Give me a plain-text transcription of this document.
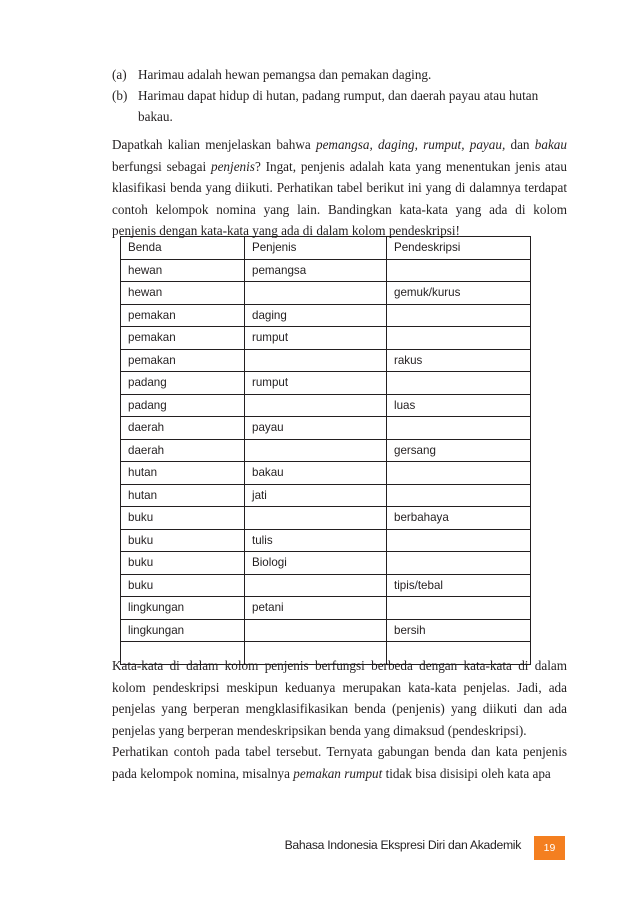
(a) Harimau adalah hewan pemangsa dan pemakan daging.
(b) Harimau dapat hidup di hutan, padang rumput, dan daerah payau atau hutan bakau.

Dapatkah kalian menjelaskan bahwa pemangsa, daging, rumput, payau, dan bakau berfungsi sebagai penjenis? Ingat, penjenis adalah kata yang menentukan jenis atau klasifikasi benda yang diikuti. Perhatikan tabel berikut ini yang di dalamnya terdapat contoh kelompok nomina yang lain. Bandingkan kata-kata yang ada di kolom penjenis dengan kata-kata yang ada di dalam kolom pendeskripsi!

Benda	Penjenis	Pendeskripsi
hewan	pemangsa	
hewan		gemuk/kurus
pemakan	daging	
pemakan	rumput	
pemakan		rakus
padang	rumput	
padang		luas
daerah	payau	
daerah		gersang
hutan	bakau	
hutan	jati	
buku		berbahaya
buku	tulis	
buku	Biologi	
buku		tipis/tebal
lingkungan	petani	
lingkungan		bersih

Kata-kata di dalam kolom penjenis berfungsi berbeda dengan kata-kata di dalam kolom pendeskripsi meskipun keduanya merupakan kata-kata penjelas. Jadi, ada penjelas yang berperan mengklasifikasikan benda (penjenis) yang diikuti dan ada penjelas yang berperan mendeskripsikan benda yang dimaksud (pendeskripsi).

Perhatikan contoh pada tabel tersebut. Ternyata gabungan benda dan kata penjenis pada kelompok nomina, misalnya pemakan rumput tidak bisa disisipi oleh kata apa

Bahasa Indonesia Ekspresi Diri dan Akademik	19
